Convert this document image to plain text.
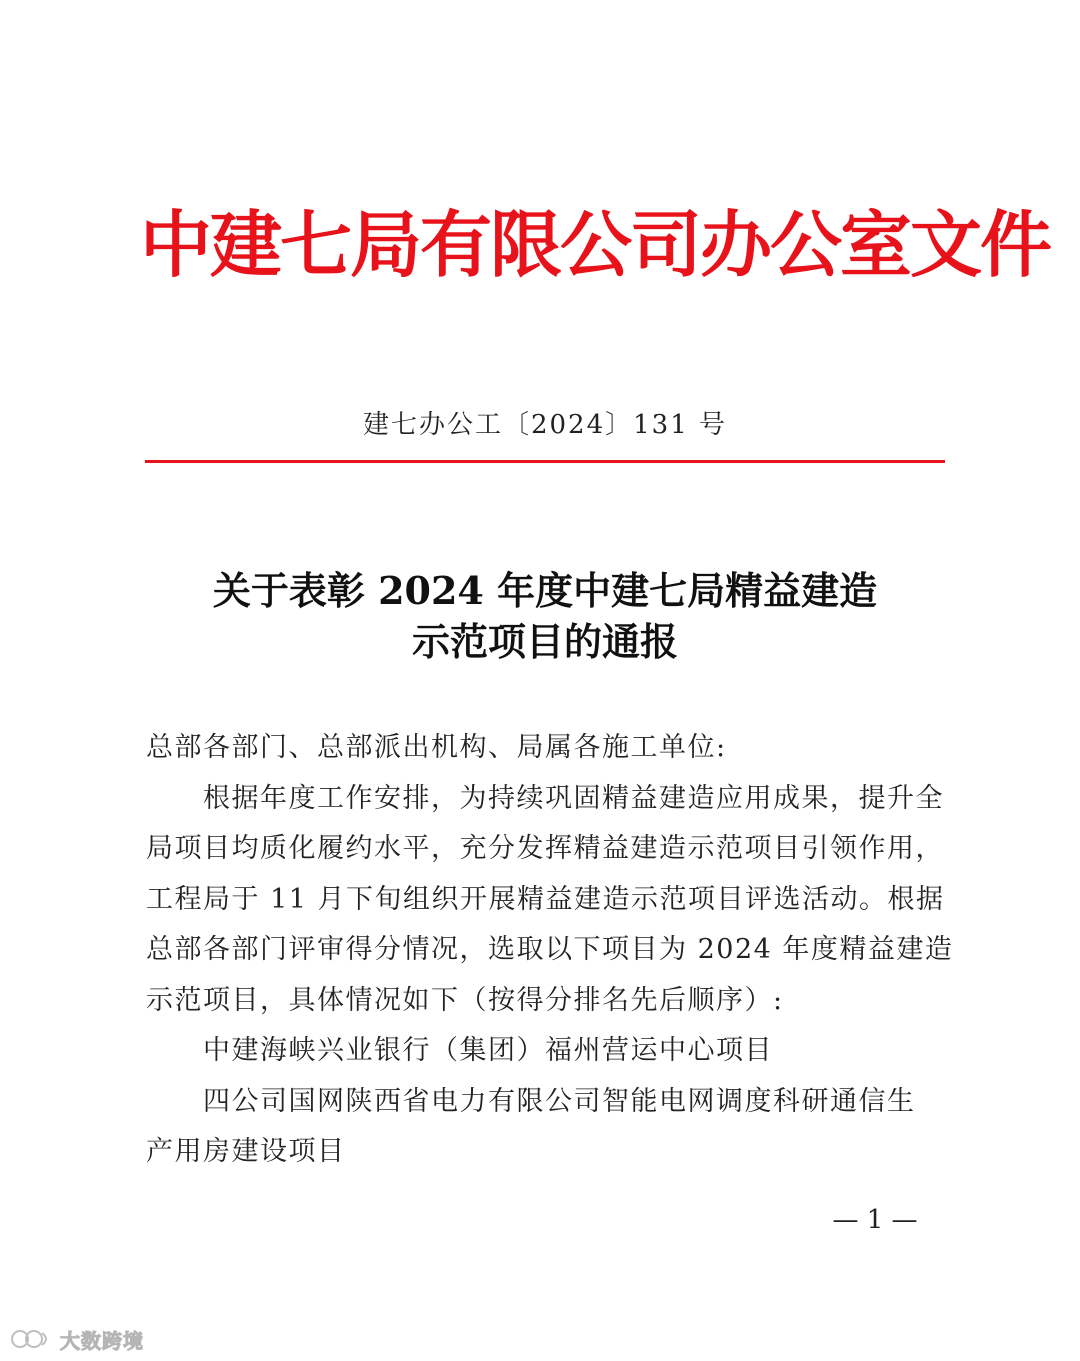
中建七局有限公司办公室文件
建七办公工〔2024〕131 号
关于表彰 2024 年度中建七局精益建造
示范项目的通报
总部各部门、总部派出机构、局属各施工单位:
　　根据年度工作安排，为持续巩固精益建造应用成果，提升全
局项目均质化履约水平，充分发挥精益建造示范项目引领作用，
工程局于 11 月下旬组织开展精益建造示范项目评选活动。根据
总部各部门评审得分情况，选取以下项目为 2024 年度精益建造
示范项目，具体情况如下（按得分排名先后顺序）:
　　中建海峡兴业银行（集团）福州营运中心项目
　　四公司国网陕西省电力有限公司智能电网调度科研通信生
产用房建设项目
— 1 —
大数跨境
